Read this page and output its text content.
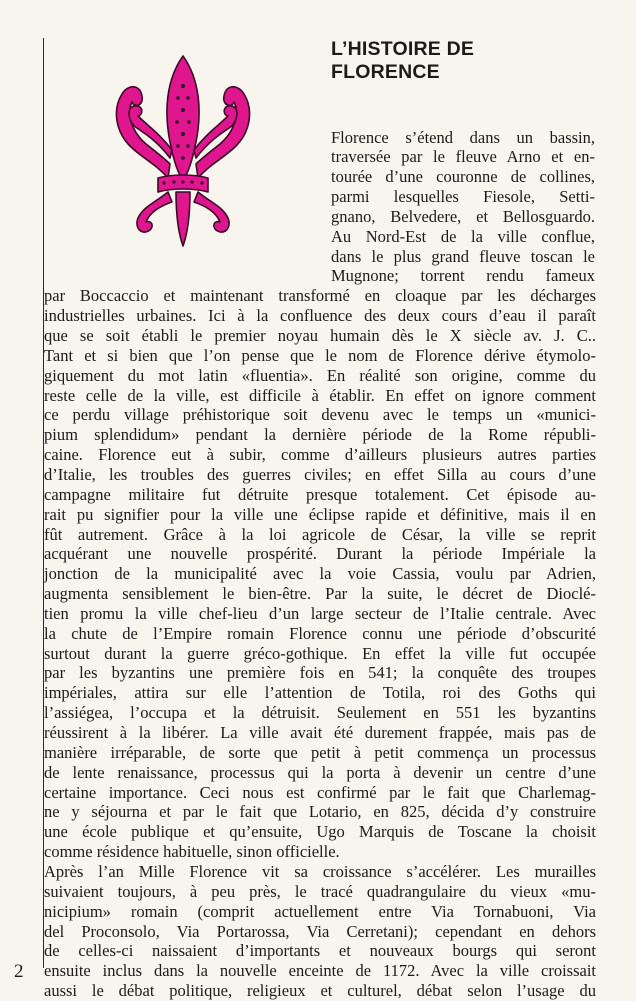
L’HISTOIRE DE
FLORENCE
Florence s’étend dans un bassin,
traversée par le fleuve Arno et en-
tourée d’une couronne de collines,
parmi lesquelles Fiesole, Setti-
gnano, Belvedere, et Bellosguardo.
Au Nord-Est de la ville conflue,
dans le plus grand fleuve toscan le
Mugnone; torrent rendu fameux
par Boccaccio et maintenant transformé en cloaque par les décharges
industrielles urbaines. Ici à la confluence des deux cours d’eau il paraît
que se soit établi le premier noyau humain dès le X siècle av. J. C..
Tant et si bien que l’on pense que le nom de Florence dérive étymolo-
giquement du mot latin «fluentia». En réalité son origine, comme du
reste celle de la ville, est difficile à établir. En effet on ignore comment
ce perdu village préhistorique soit devenu avec le temps un «munici-
pium splendidum» pendant la dernière période de la Rome républi-
caine. Florence eut à subir, comme d’ailleurs plusieurs autres parties
d’Italie, les troubles des guerres civiles; en effet Silla au cours d’une
campagne militaire fut détruite presque totalement. Cet épisode au-
rait pu signifier pour la ville une éclipse rapide et définitive, mais il en
fût autrement. Grâce à la loi agricole de César, la ville se reprit
acquérant une nouvelle prospérité. Durant la période Impériale la
jonction de la municipalité avec la voie Cassia, voulu par Adrien,
augmenta sensiblement le bien-être. Par la suite, le décret de Dioclé-
tien promu la ville chef-lieu d’un large secteur de l’Italie centrale. Avec
la chute de l’Empire romain Florence connu une période d’obscurité
surtout durant la guerre gréco-gothique. En effet la ville fut occupée
par les byzantins une première fois en 541; la conquête des troupes
impériales, attira sur elle l’attention de Totila, roi des Goths qui
l’assiégea, l’occupa et la détruisit. Seulement en 551 les byzantins
réussirent à la libérer. La ville avait été durement frappée, mais pas de
manière irréparable, de sorte que petit à petit commença un processus
de lente renaissance, processus qui la porta à devenir un centre d’une
certaine importance. Ceci nous est confirmé par le fait que Charlemag-
ne y séjourna et par le fait que Lotario, en 825, décida d’y construire
une école publique et qu’ensuite, Ugo Marquis de Toscane la choisit
comme résidence habituelle, sinon officielle.
Après l’an Mille Florence vit sa croissance s’accélérer. Les murailles
suivaient toujours, à peu près, le tracé quadrangulaire du vieux «mu-
nicipium» romain (comprit actuellement entre Via Tornabuoni, Via
del Proconsolo, Via Portarossa, Via Cerretani); cependant en dehors
de celles-ci naissaient d’importants et nouveaux bourgs qui seront
ensuite inclus dans la nouvelle enceinte de 1172. Avec la ville croissait
aussi le débat politique, religieux et culturel, débat selon l’usage du
2
